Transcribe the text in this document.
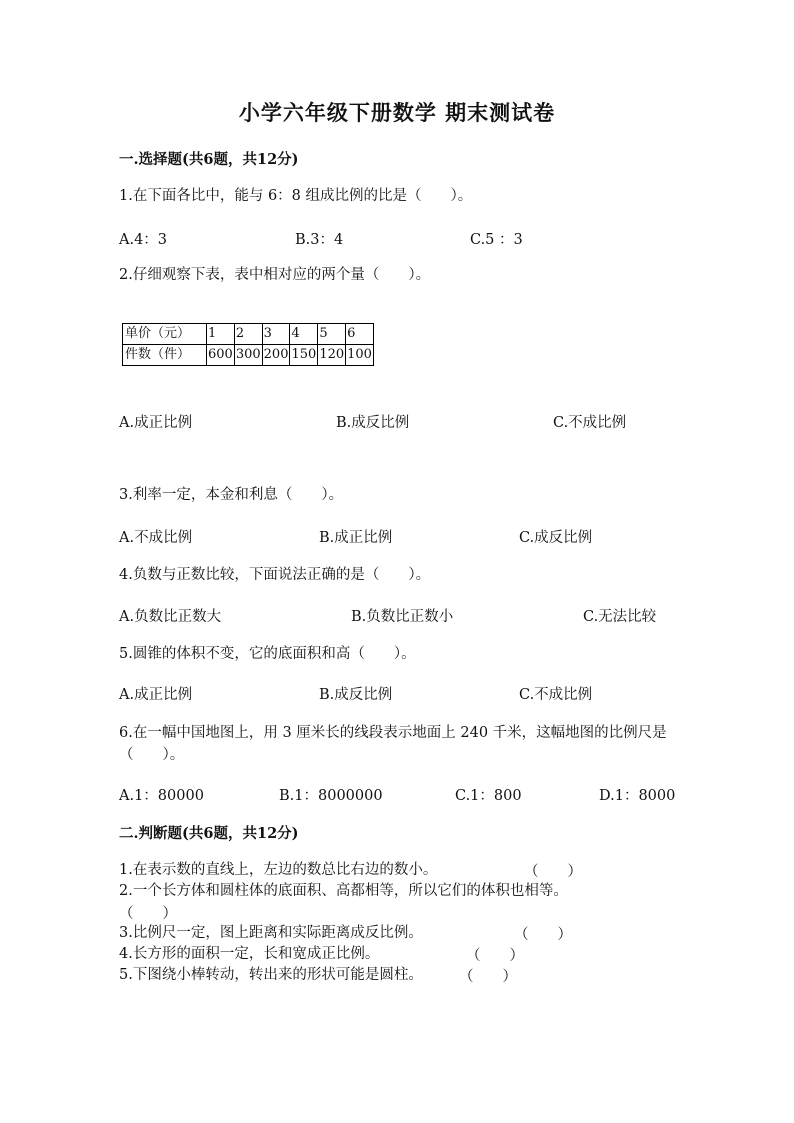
小学六年级下册数学 期末测试卷
一.选择题(共6题，共12分)
1.在下面各比中，能与 6：8 组成比例的比是（　　）。
A.4：3	B.3：4	C.5 ：3
2.仔细观察下表，表中相对应的两个量（　　）。
单价（元）	1	2	3	4	5	6
件数（件）	600	300	200	150	120	100
A.成正比例	B.成反比例	C.不成比例
3.利率一定，本金和利息（　　）。
A.不成比例	B.成正比例	C.成反比例
4.负数与正数比较，下面说法正确的是（　　）。
A.负数比正数大	B.负数比正数小	C.无法比较
5.圆锥的体积不变，它的底面积和高（　　）。
A.成正比例	B.成反比例	C.不成比例
6.在一幅中国地图上，用 3 厘米长的线段表示地面上 240 千米，这幅地图的比例尺是（　　）。
A.1：80000	B.1：8000000	C.1：800	D.1：8000
二.判断题(共6题，共12分)
1.在表示数的直线上，左边的数总比右边的数小。	（　　）
2.一个长方体和圆柱体的底面积、高都相等，所以它们的体积也相等。
（　　）
3.比例尺一定，图上距离和实际距离成反比例。	（　　）
4.长方形的面积一定，长和宽成正比例。	（　　）
5.下图绕小棒转动，转出来的形状可能是圆柱。 （　　）
